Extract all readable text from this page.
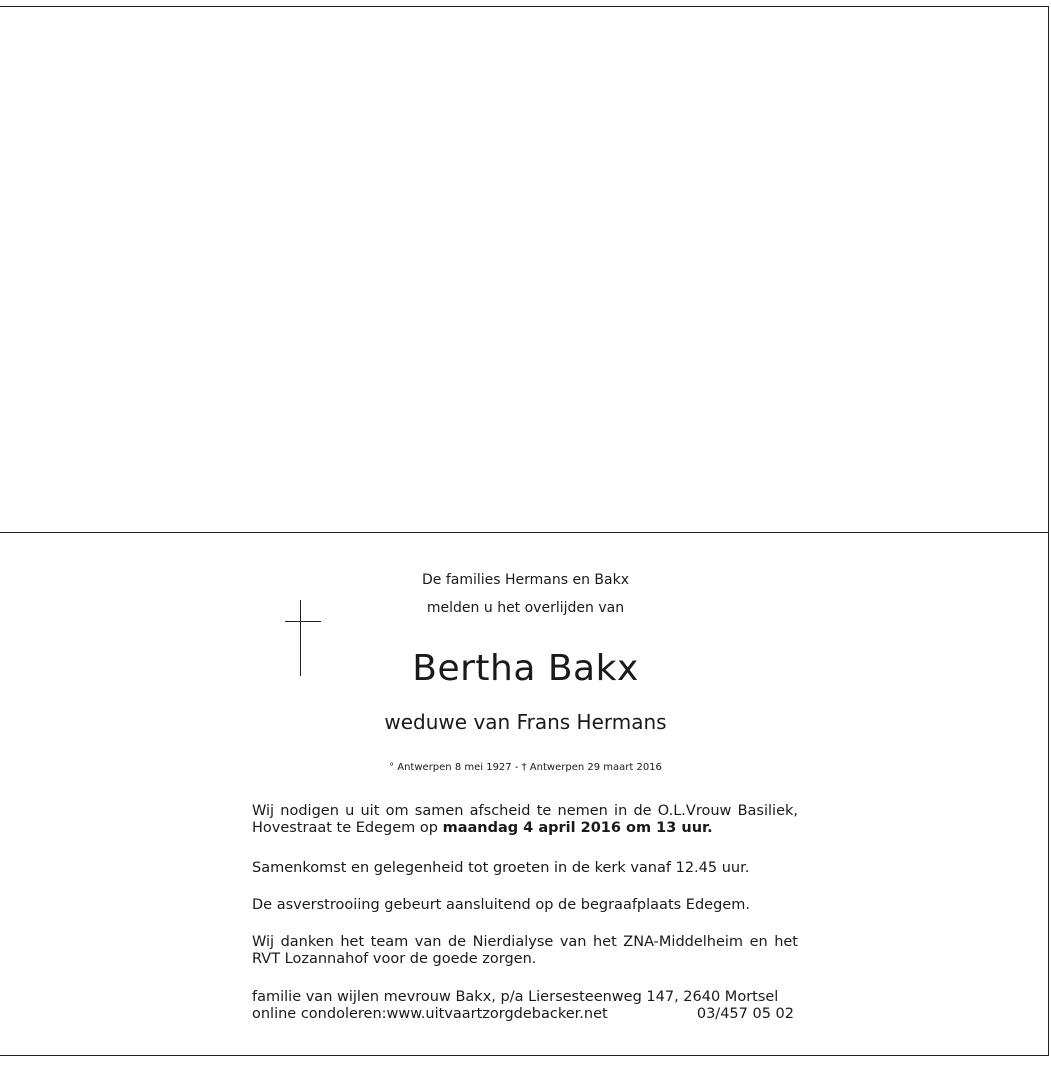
De families Hermans en Bakx
melden u het overlijden van
Bertha Bakx
weduwe van Frans Hermans
° Antwerpen 8 mei 1927 - † Antwerpen 29 maart 2016
Wij nodigen u uit om samen afscheid te nemen in de O.L.Vrouw Basiliek, Hovestraat te Edegem op maandag 4 april 2016 om 13 uur.
Samenkomst en gelegenheid tot groeten in de kerk vanaf 12.45 uur.
De asverstrooiing gebeurt aansluitend op de begraafplaats Edegem.
Wij danken het team van de Nierdialyse van het ZNA-Middelheim en het RVT Lozannahof voor de goede zorgen.
familie van wijlen mevrouw Bakx, p/a Liersesteenweg 147, 2640 Mortsel
online condoleren:www.uitvaartzorgdebacker.net	03/457 05 02
